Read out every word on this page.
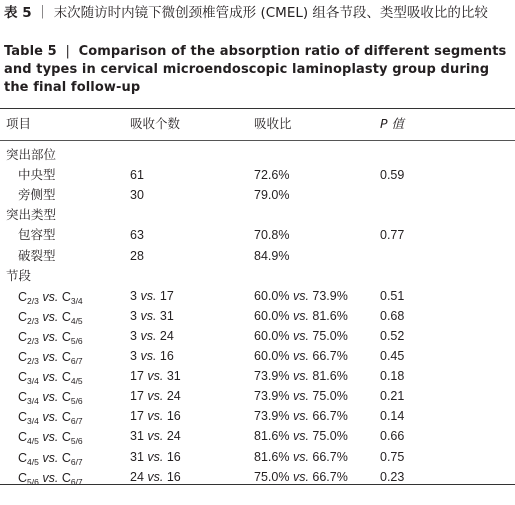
表 5 ｜ 末次随访时内镜下微创颈椎管成形 (CMEL) 组各节段、类型吸收比的比较
Table 5 | Comparison of the absorption ratio of different segments and types in cervical microendoscopic laminoplasty group during the final follow-up
项目	吸收个数	吸收比	P 值
突出部位
中央型	61	72.6%	0.59
旁侧型	30	79.0%
突出类型
包容型	63	70.8%	0.77
破裂型	28	84.9%
节段
$C_{2/3}$ vs. $C_{3/4}$	3 vs. 17	60.0% vs. 73.9%	0.51
$C_{2/3}$ vs. $C_{4/5}$	3 vs. 31	60.0% vs. 81.6%	0.68
$C_{2/3}$ vs. $C_{5/6}$	3 vs. 24	60.0% vs. 75.0%	0.52
$C_{2/3}$ vs. $C_{6/7}$	3 vs. 16	60.0% vs. 66.7%	0.45
$C_{3/4}$ vs. $C_{4/5}$	17 vs. 31	73.9% vs. 81.6%	0.18
$C_{3/4}$ vs. $C_{5/6}$	17 vs. 24	73.9% vs. 75.0%	0.21
$C_{3/4}$ vs. $C_{6/7}$	17 vs. 16	73.9% vs. 66.7%	0.14
$C_{4/5}$ vs. $C_{5/6}$	31 vs. 24	81.6% vs. 75.0%	0.66
$C_{4/5}$ vs. $C_{6/7}$	31 vs. 16	81.6% vs. 66.7%	0.75
$C_{5/6}$ vs. $C_{6/7}$	24 vs. 16	75.0% vs. 66.7%	0.23
